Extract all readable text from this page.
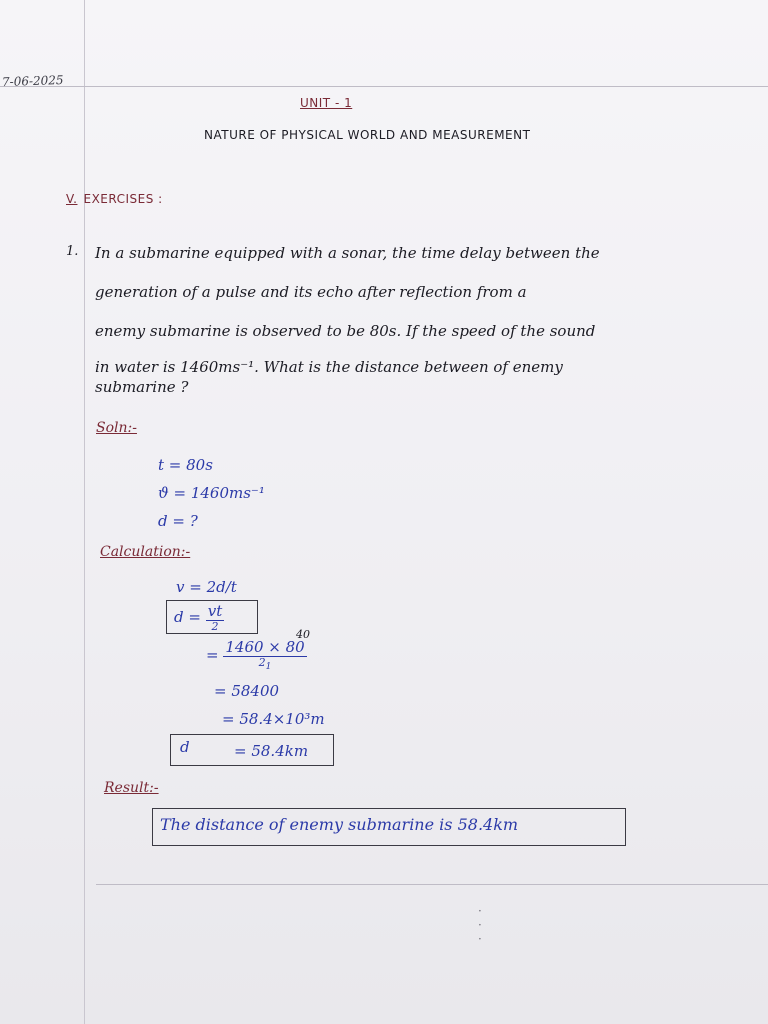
7-06-2025
UNIT - 1
NATURE OF PHYSICAL WORLD AND MEASUREMENT
V. EXERCISES :
1. In a submarine equipped with a sonar, the time delay between the
generation of a pulse and its echo after reflection from a
enemy submarine is observed to be 80s. If the speed of the sound
in water is 1460ms⁻¹. What is the distance between of enemy
submarine ?
Soln:-
t = 80s
ϑ = 1460ms⁻¹
d = ?
Calculation:-
v = 2d/t
$d = \frac{vt}{2}$
40
= $\frac{1460 \times 80}{2_1}$
= 58400
= 58.4×10³m
d	= 58.4km
Result:-
The distance of enemy submarine is 58.4km
·
·
·
